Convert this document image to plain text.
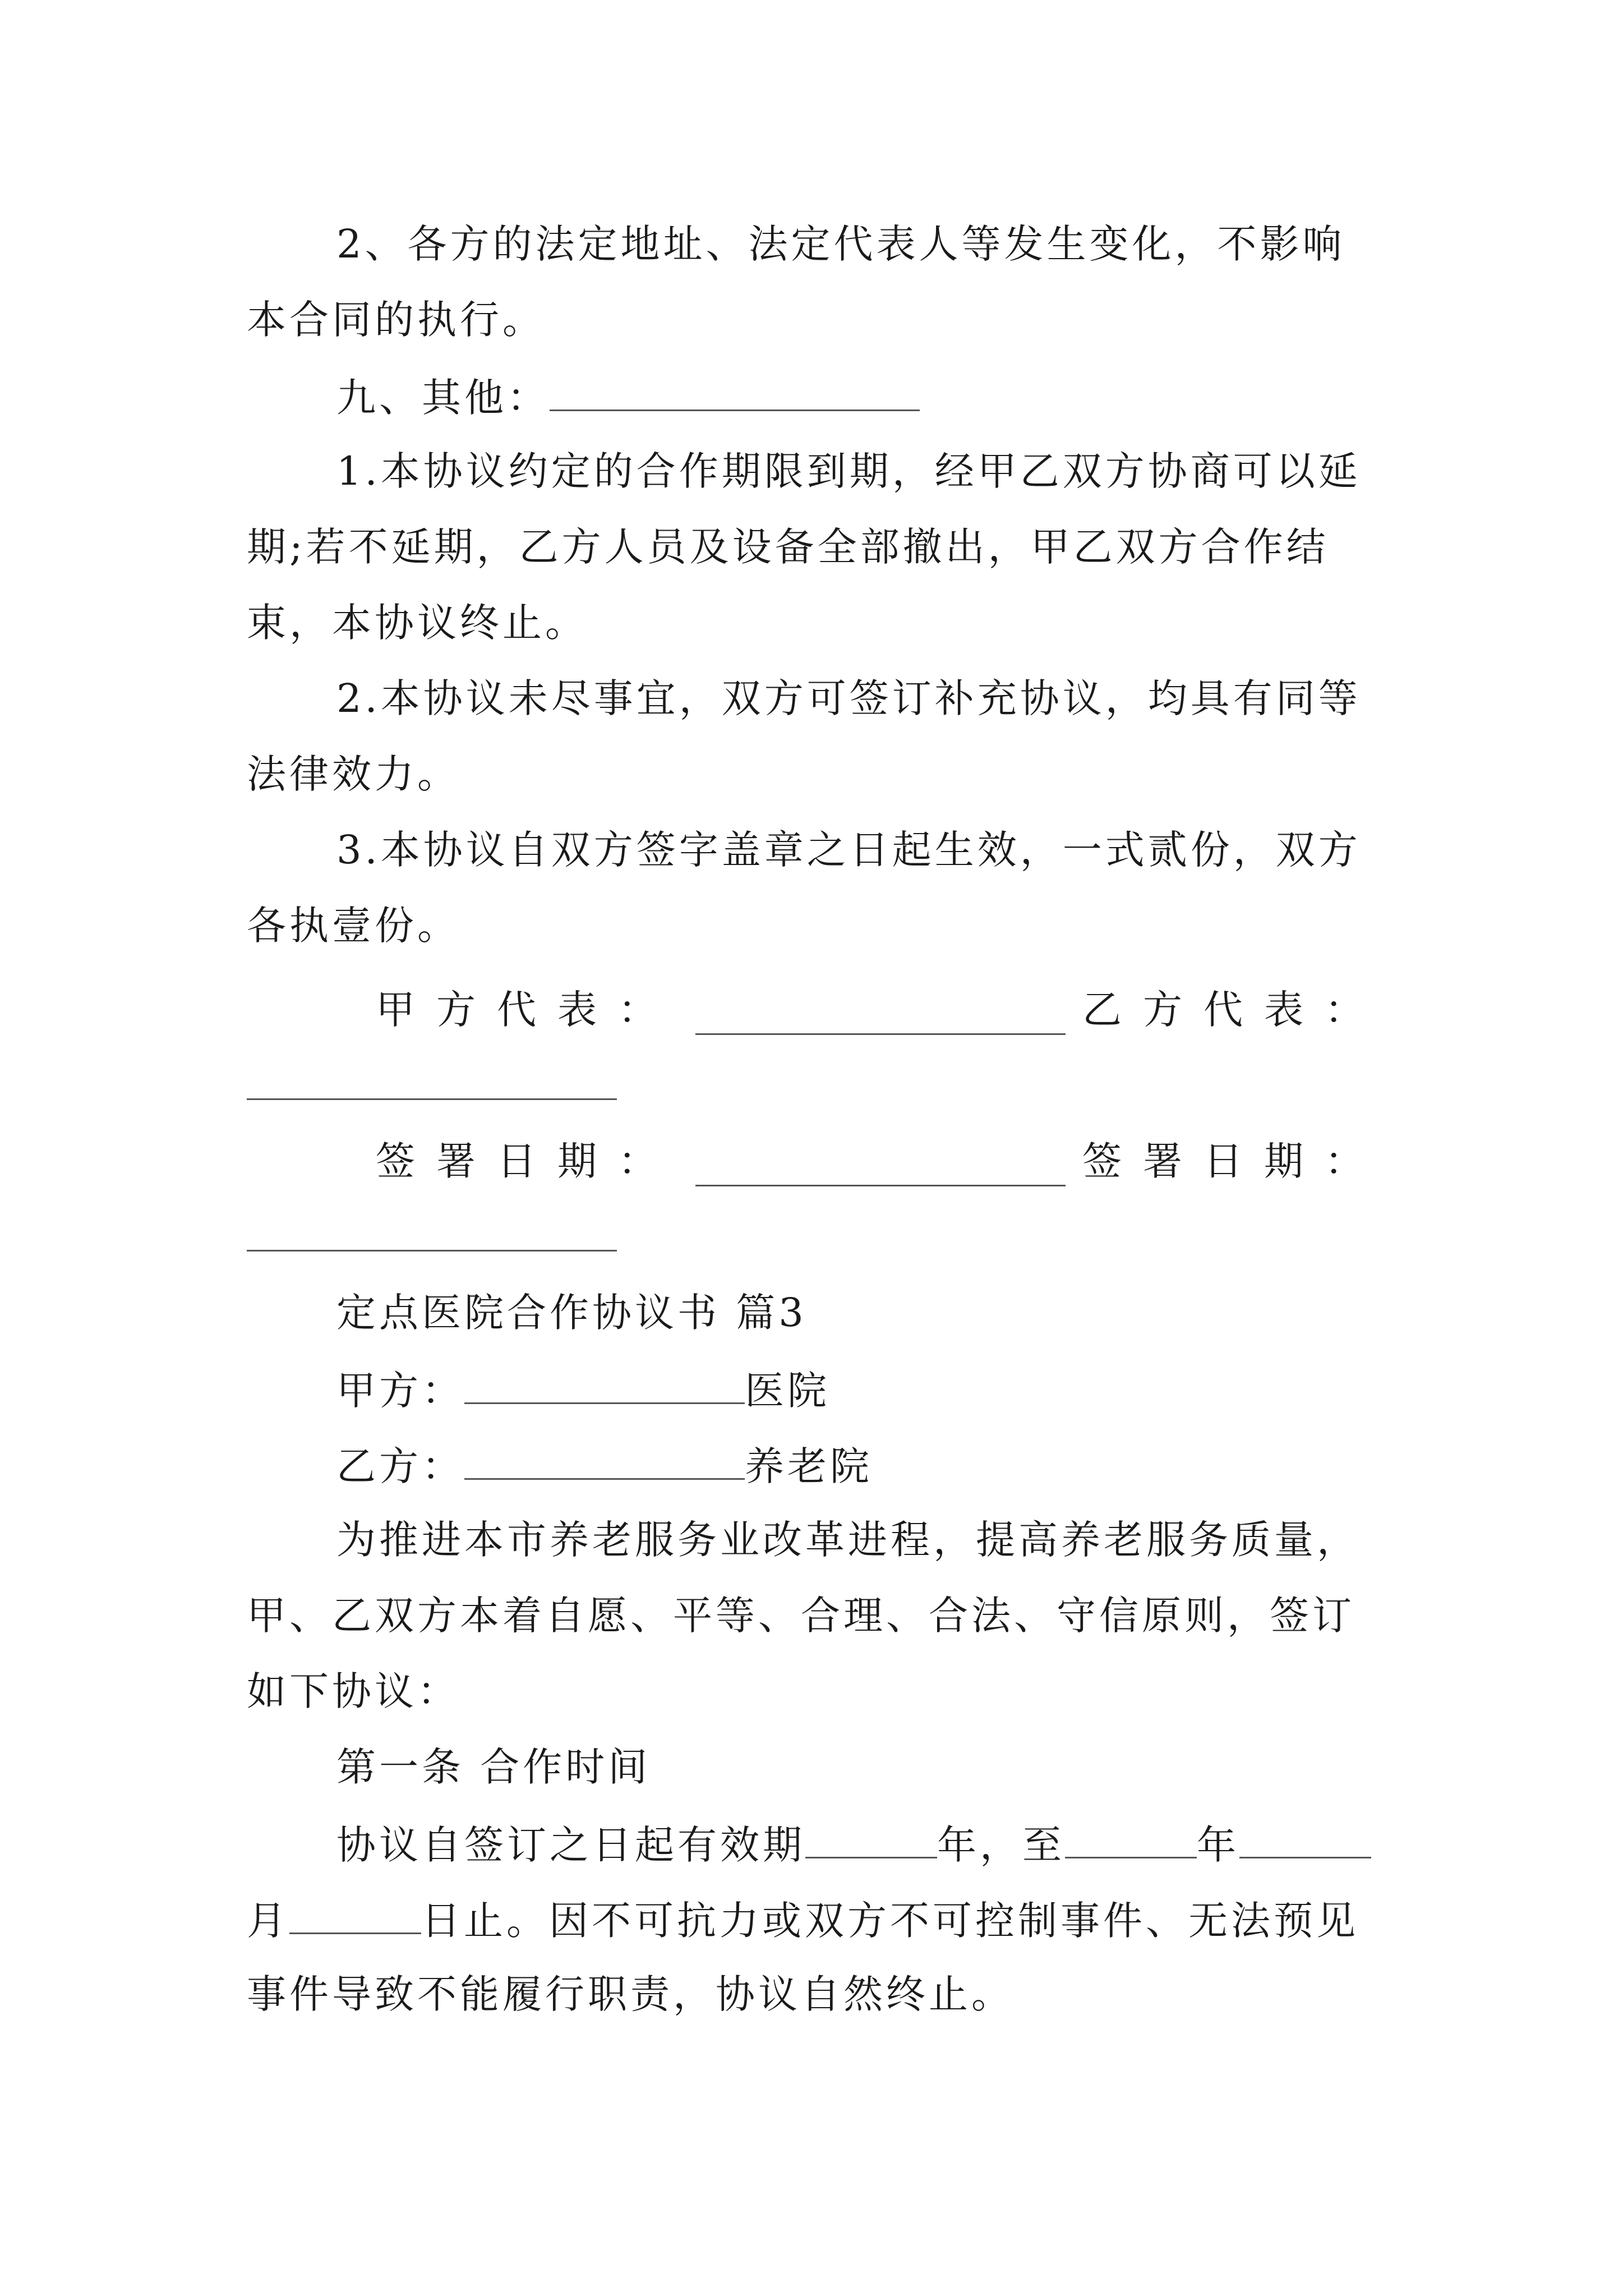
2、各方的法定地址、法定代表人等发生变化，不影响
本合同的执行。
九、其他：
1.本协议约定的合作期限到期，经甲乙双方协商可以延
期;若不延期，乙方人员及设备全部撤出，甲乙双方合作结
束，本协议终止。
2.本协议未尽事宜，双方可签订补充协议，均具有同等
法律效力。
3.本协议自双方签字盖章之日起生效，一式贰份，双方
各执壹份。
甲方代表：	乙方代表：
签署日期：	签署日期：
定点医院合作协议书 篇3
甲方：	医院
乙方：	养老院
为推进本市养老服务业改革进程，提高养老服务质量，
甲、乙双方本着自愿、平等、合理、合法、守信原则，签订
如下协议：
第一条 合作时间
协议自签订之日起有效期	年，至	年
月	日止。因不可抗力或双方不可控制事件、无法预见
事件导致不能履行职责，协议自然终止。
